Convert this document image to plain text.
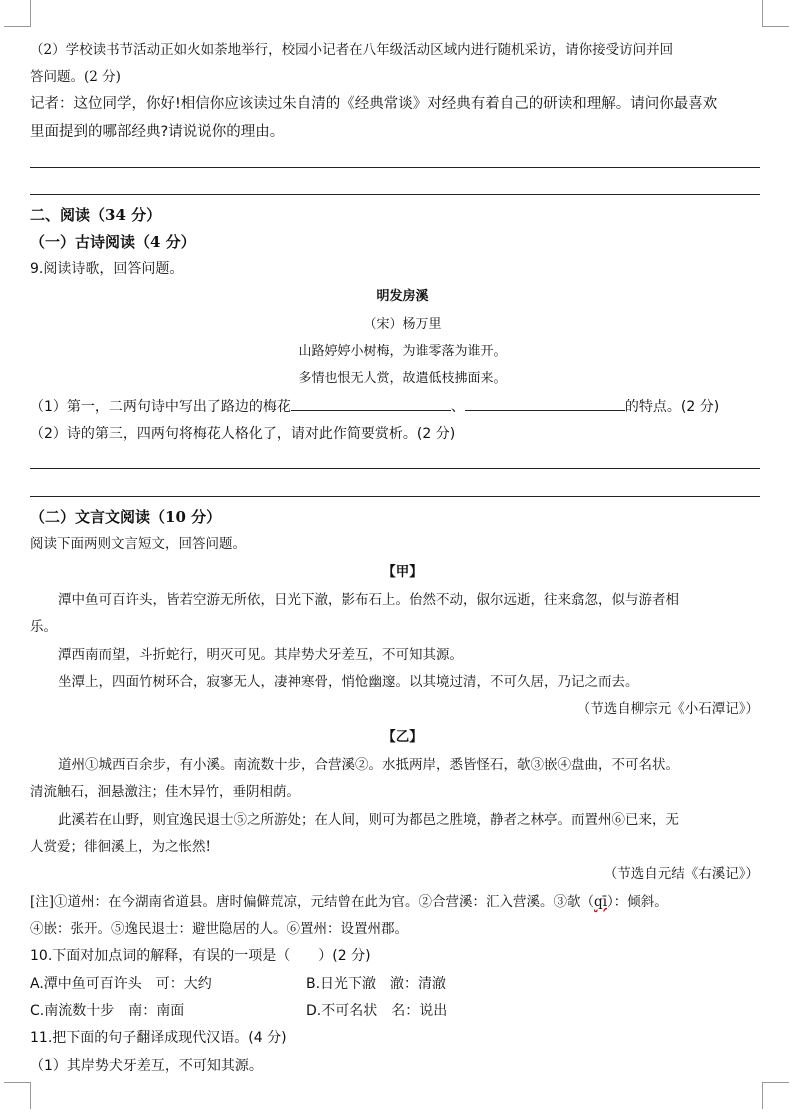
（2）学校读书节活动正如火如荼地举行，校园小记者在八年级活动区域内进行随机采访，请你接受访问并回
答问题。(2 分)
记者：这位同学，你好!相信你应该读过朱自清的《经典常谈》对经典有着自己的研读和理解。请问你最喜欢
里面提到的哪部经典?请说说你的理由。
二、阅读（34 分）
（一）古诗阅读（4 分）
9.阅读诗歌，回答问题。
明发房溪
（宋）杨万里
山路婷婷小树梅，为谁零落为谁开。
多情也恨无人赏，故遣低枝拂面来。
（1）第一，二两句诗中写出了路边的梅花	、	的特点。(2 分)
（2）诗的第三，四两句将梅花人格化了，请对此作简要赏析。(2 分)
（二）文言文阅读（10 分）
阅读下面两则文言短文，回答问题。
【甲】
潭中鱼可百许头，皆若空游无所依，日光下澈，影布石上。佁然不动，俶尔远逝，往来翕忽，似与游者相
乐。
潭西南而望，斗折蛇行，明灭可见。其岸势犬牙差互，不可知其源。
坐潭上，四面竹树环合，寂寥无人，凄神寒骨，悄怆幽邃。以其境过清，不可久居，乃记之而去。
（节选自柳宗元《小石潭记》）
【乙】
道州①城西百余步，有小溪。南流数十步，合营溪②。水抵两岸，悉皆怪石，欹③嵌④盘曲，不可名状。
清流触石，洄悬激注；佳木异竹，垂阴相荫。
此溪若在山野，则宜逸民退士⑤之所游处；在人间，则可为都邑之胜境，静者之林亭。而置州⑥已来，无
人赏爱；徘徊溪上，为之怅然!
（节选自元结《右溪记》）
[注]①道州：在今湖南省道县。唐时偏僻荒凉，元结曾在此为官。②合营溪：汇入营溪。③欹（qī）：倾斜。
④嵌：张开。⑤逸民退士：避世隐居的人。⑥置州：设置州郡。
10.下面对加点词的解释，有误的一项是（　　）(2 分)
A.潭中鱼可百许头　可：大约	B.日光下澈　澈：清澈
C.南流数十步　南：南面	D.不可名状　名：说出
11.把下面的句子翻译成现代汉语。(4 分)
（1）其岸势犬牙差互，不可知其源。
